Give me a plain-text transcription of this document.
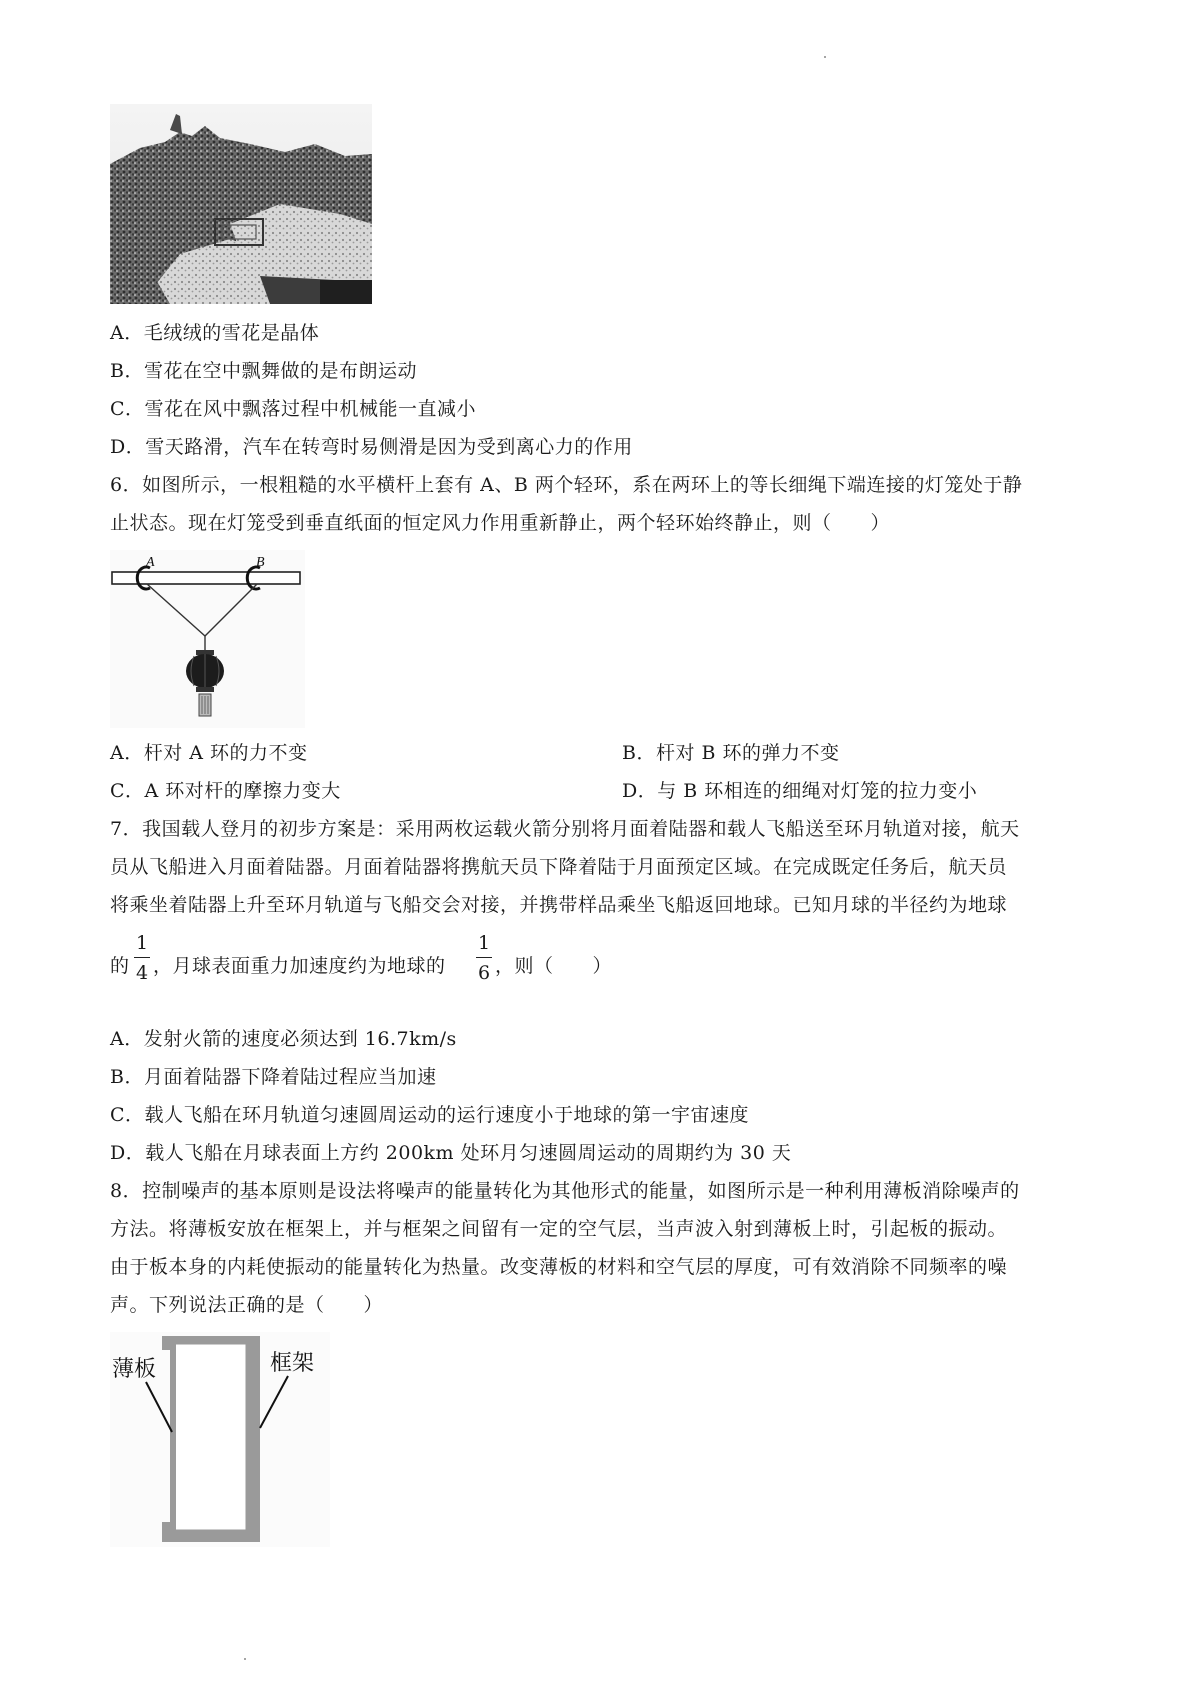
A．毛绒绒的雪花是晶体
B．雪花在空中飘舞做的是布朗运动
C．雪花在风中飘落过程中机械能一直减小
D．雪天路滑，汽车在转弯时易侧滑是因为受到离心力的作用
6．如图所示，一根粗糙的水平横杆上套有 A、B 两个轻环，系在两环上的等长细绳下端连接的灯笼处于静
止状态。现在灯笼受到垂直纸面的恒定风力作用重新静止，两个轻环始终静止，则（　　）
A	B
A．杆对 A 环的力不变	B．杆对 B 环的弹力不变
C．A 环对杆的摩擦力变大	D．与 B 环相连的细绳对灯笼的拉力变小
7．我国载人登月的初步方案是：采用两枚运载火箭分别将月面着陆器和载人飞船送至环月轨道对接，航天
员从飞船进入月面着陆器。月面着陆器将携航天员下降着陆于月面预定区域。在完成既定任务后，航天员
将乘坐着陆器上升至环月轨道与飞船交会对接，并携带样品乘坐飞船返回地球。已知月球的半径约为地球
的
1
4 ，月球表面重力加速度约为地球的
1
6 ，则（　　）
A．发射火箭的速度必须达到 16.7km/s
B．月面着陆器下降着陆过程应当加速
C．载人飞船在环月轨道匀速圆周运动的运行速度小于地球的第一宇宙速度
D．载人飞船在月球表面上方约 200km 处环月匀速圆周运动的周期约为 30 天
8．控制噪声的基本原则是设法将噪声的能量转化为其他形式的能量，如图所示是一种利用薄板消除噪声的
方法。将薄板安放在框架上，并与框架之间留有一定的空气层，当声波入射到薄板上时，引起板的振动。
由于板本身的内耗使振动的能量转化为热量。改变薄板的材料和空气层的厚度，可有效消除不同频率的噪
声。下列说法正确的是（　　）
薄板	框架
